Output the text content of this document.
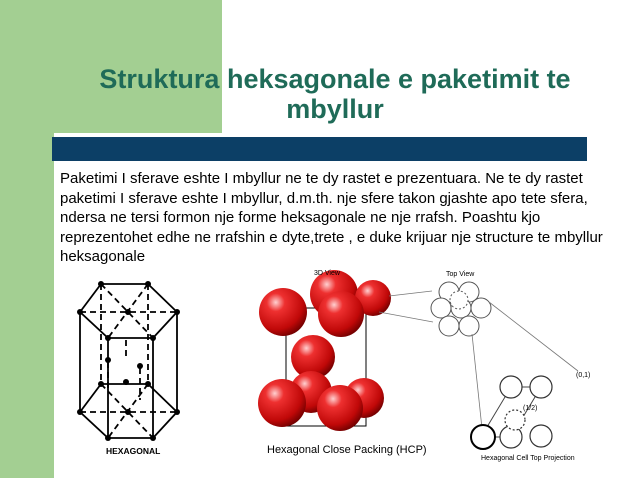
Struktura heksagonale e paketimit te mbyllur
Paketimi I sferave eshte I mbyllur ne te dy rastet e prezentuara. Ne te dy rastet paketimi I sferave eshte I mbyllur, d.m.th. nje sfere takon gjashte apo tete sfera, ndersa ne tersi formon nje forme heksagonale ne nje rrafsh. Poashtu kjo reprezentohet edhe ne rrafshin e dyte,trete , e duke krijuar nje structure te mbyllur heksagonale
HEXAGONAL
3D View
Hexagonal Close Packing (HCP)
Top View
(0,1)
(1/2)
Hexagonal Cell Top Projection
